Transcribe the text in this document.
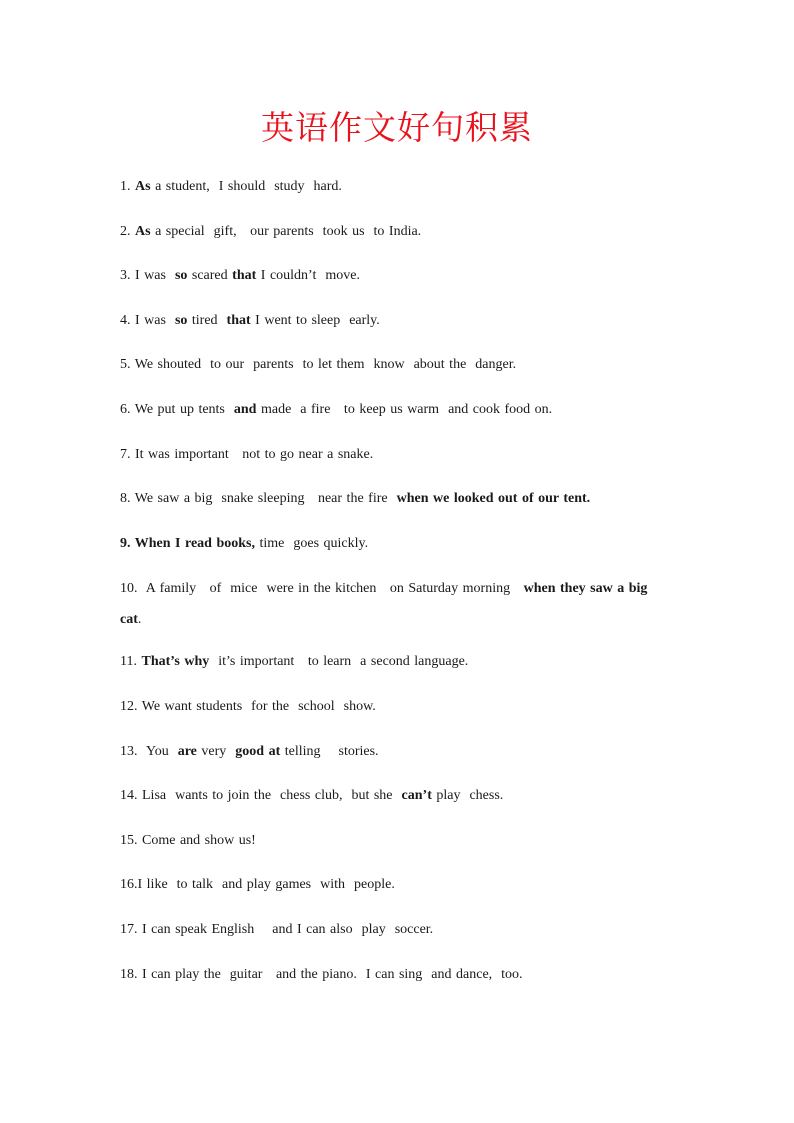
英语作文好句积累

1. As a student,  I should  study  hard.

2. As a special  gift,   our parents  took us  to India.

3. I was  so scared that I couldn’t  move.

4. I was  so tired  that I went to sleep  early.

5. We shouted  to our  parents  to let them  know  about the  danger.

6. We put up tents  and made  a fire   to keep us warm  and cook food on.

7. It was important   not to go near a snake.

8. We saw a big  snake sleeping   near the fire  when we looked out of our tent.

9. When I read books, time  goes quickly.

10.  A family   of  mice  were in the kitchen   on Saturday morning   when they saw a big cat.

11. That’s why  it’s important   to learn  a second language.

12. We want students  for the  school  show.

13.  You  are very  good at telling    stories.

14. Lisa  wants to join the  chess club,  but she  can’t play  chess.

15. Come and show us!

16.I like  to talk  and play games  with  people.

17. I can speak English    and I can also  play  soccer.

18. I can play the  guitar   and the piano.  I can sing  and dance,  too.
